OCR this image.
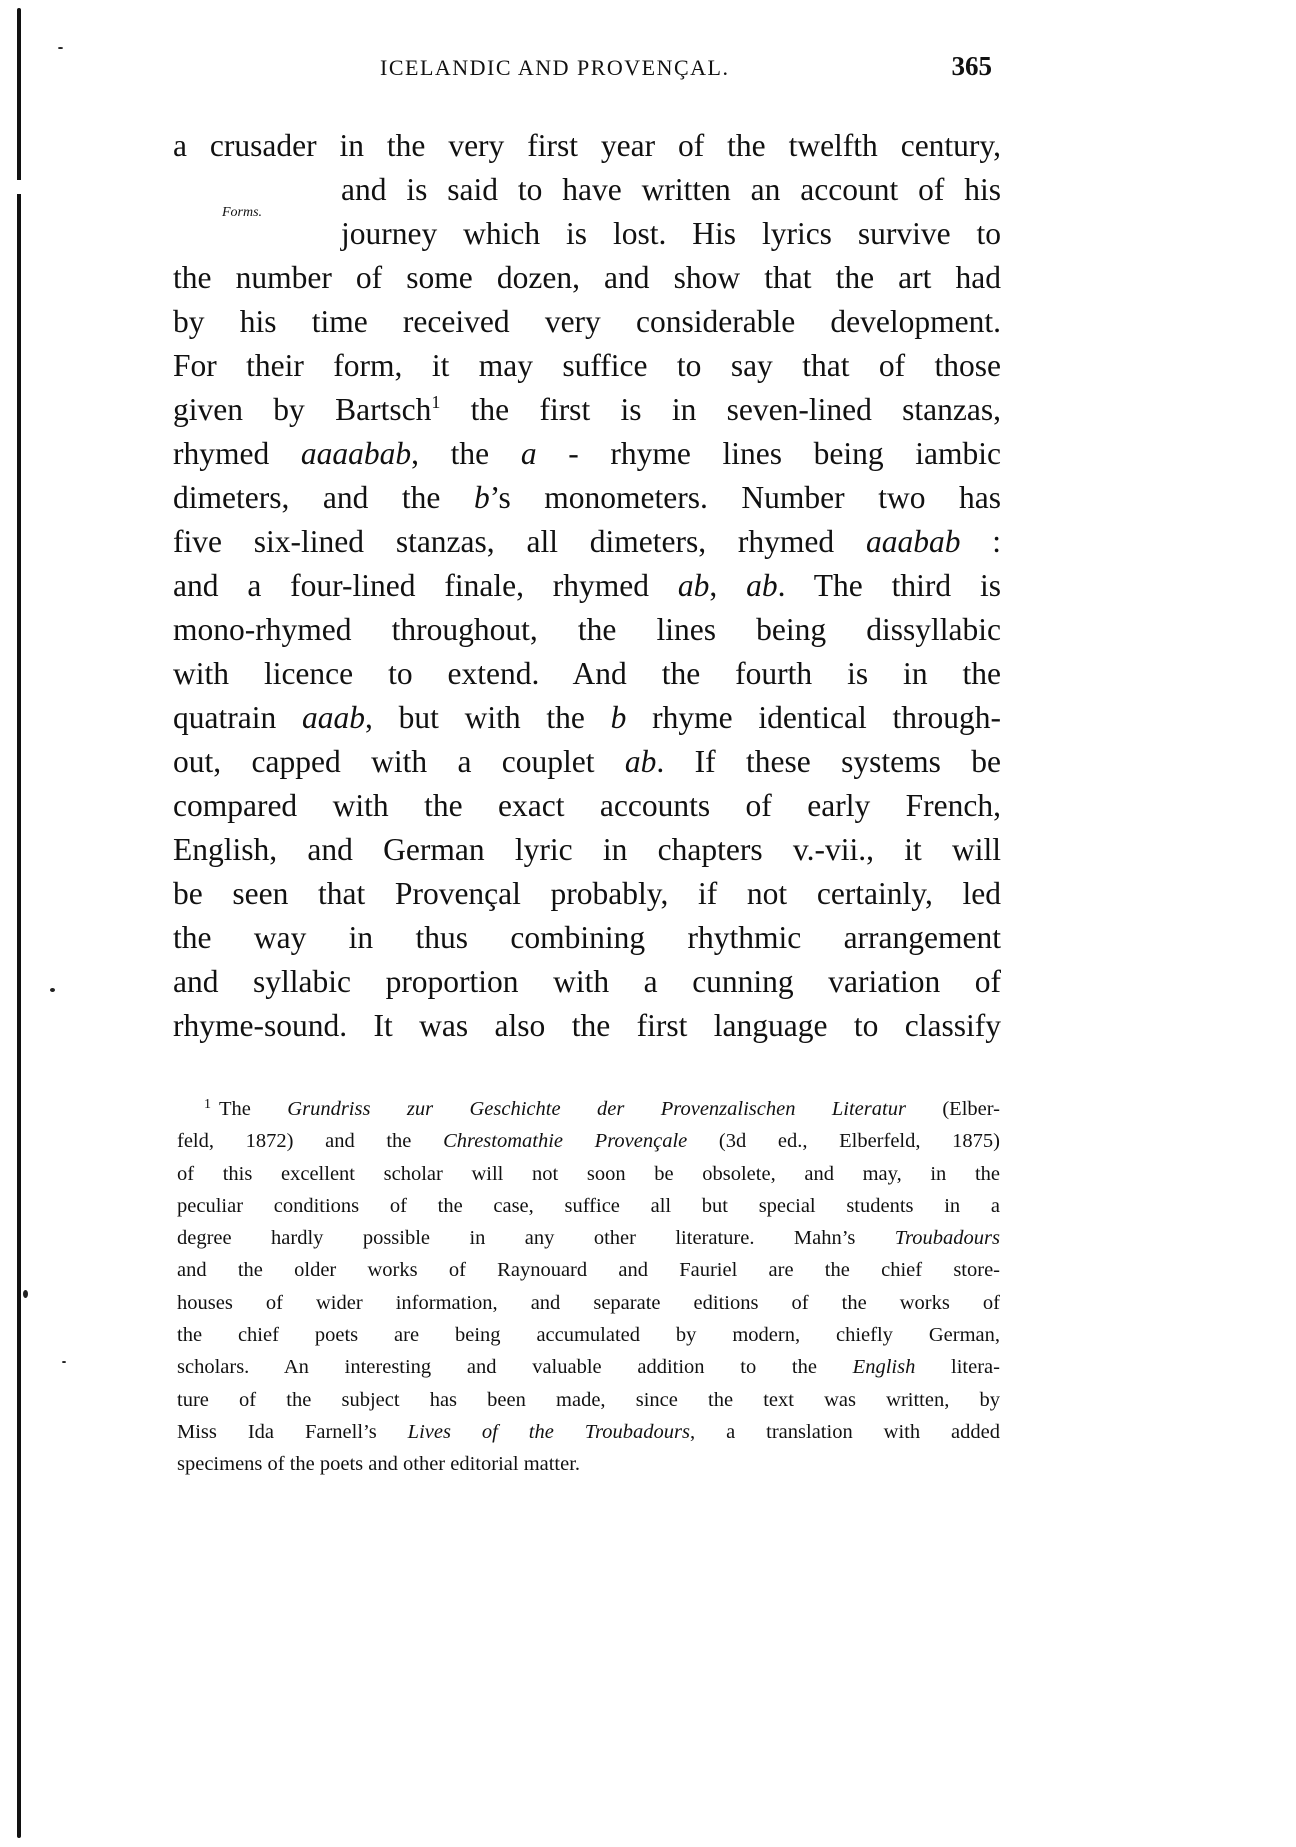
ICELANDIC AND PROVENÇAL.	365
Forms.
a crusader in the very first year of the twelfth century,
and is said to have written an account of his
journey which is lost. His lyrics survive to
the number of some dozen, and show that the art had
by his time received very considerable development.
For their form, it may suffice to say that of those
given by Bartsch$^1$ the first is in seven-lined stanzas,
rhymed aaaabab, the a - rhyme lines being iambic
dimeters, and the b’s monometers. Number two has
five six-lined stanzas, all dimeters, rhymed aaabab :
and a four-lined finale, rhymed ab, ab. The third is
mono-rhymed throughout, the lines being dissyllabic
with licence to extend. And the fourth is in the
quatrain aaab, but with the b rhyme identical through-
out, capped with a couplet ab. If these systems be
compared with the exact accounts of early French,
English, and German lyric in chapters v.-vii., it will
be seen that Provençal probably, if not certainly, led
the way in thus combining rhythmic arrangement
and syllabic proportion with a cunning variation of
rhyme-sound. It was also the first language to classify
$^1$ The Grundriss zur Geschichte der Provenzalischen Literatur (Elber-
feld, 1872) and the Chrestomathie Provençale (3d ed., Elberfeld, 1875)
of this excellent scholar will not soon be obsolete, and may, in the
peculiar conditions of the case, suffice all but special students in a
degree hardly possible in any other literature. Mahn’s Troubadours
and the older works of Raynouard and Fauriel are the chief store-
houses of wider information, and separate editions of the works of
the chief poets are being accumulated by modern, chiefly German,
scholars. An interesting and valuable addition to the English litera-
ture of the subject has been made, since the text was written, by
Miss Ida Farnell’s Lives of the Troubadours, a translation with added
specimens of the poets and other editorial matter.
